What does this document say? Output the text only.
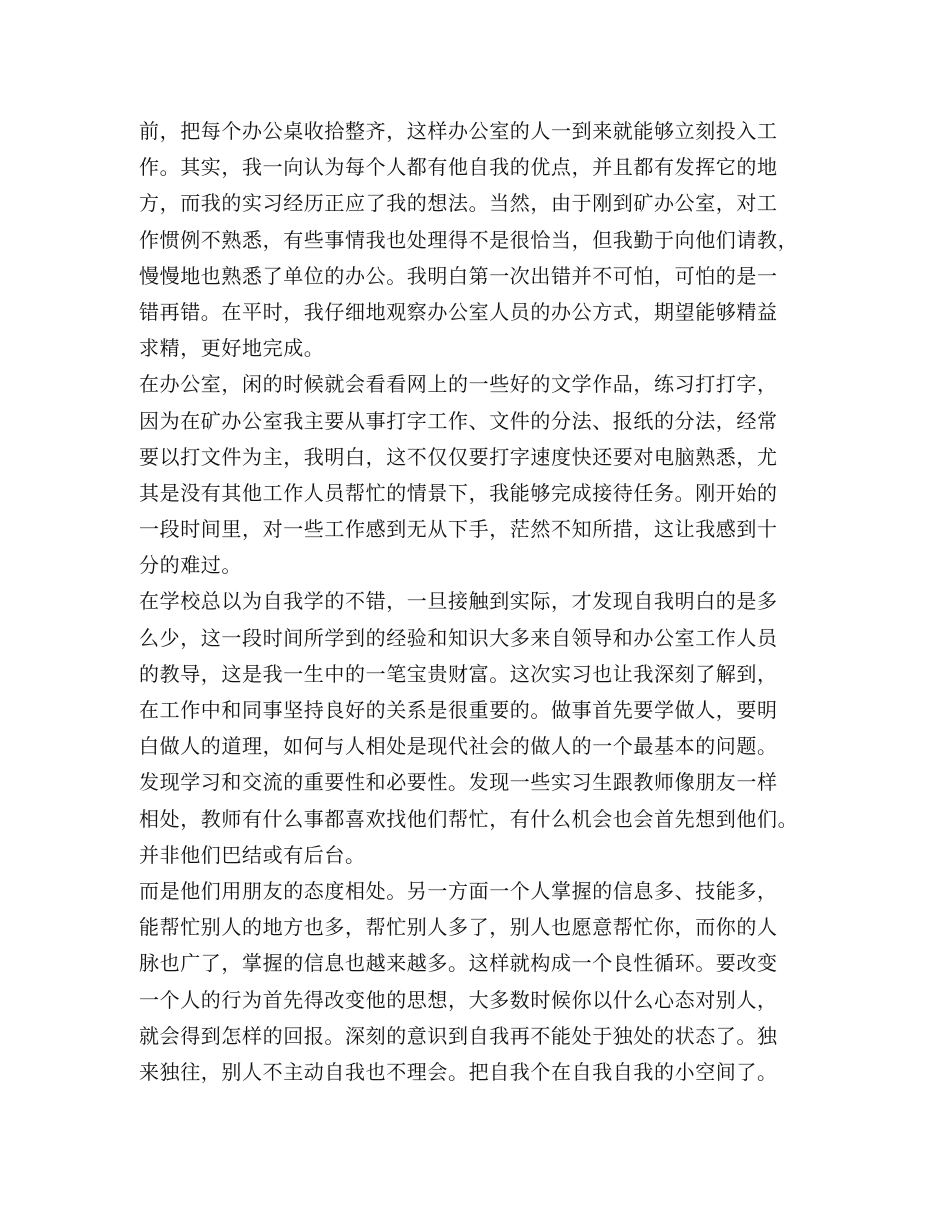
前，把每个办公桌收拾整齐，这样办公室的人一到来就能够立刻投入工
作。其实，我一向认为每个人都有他自我的优点，并且都有发挥它的地
方，而我的实习经历正应了我的想法。当然，由于刚到矿办公室，对工
作惯例不熟悉，有些事情我也处理得不是很恰当，但我勤于向他们请教，
慢慢地也熟悉了单位的办公。我明白第一次出错并不可怕，可怕的是一
错再错。在平时，我仔细地观察办公室人员的办公方式，期望能够精益
求精，更好地完成。
在办公室，闲的时候就会看看网上的一些好的文学作品，练习打打字，
因为在矿办公室我主要从事打字工作、文件的分法、报纸的分法，经常
要以打文件为主，我明白，这不仅仅要打字速度快还要对电脑熟悉，尤
其是没有其他工作人员帮忙的情景下，我能够完成接待任务。刚开始的
一段时间里，对一些工作感到无从下手，茫然不知所措，这让我感到十
分的难过。
在学校总以为自我学的不错，一旦接触到实际，才发现自我明白的是多
么少，这一段时间所学到的经验和知识大多来自领导和办公室工作人员
的教导，这是我一生中的一笔宝贵财富。这次实习也让我深刻了解到，
在工作中和同事坚持良好的关系是很重要的。做事首先要学做人，要明
白做人的道理，如何与人相处是现代社会的做人的一个最基本的问题。
发现学习和交流的重要性和必要性。发现一些实习生跟教师像朋友一样
相处，教师有什么事都喜欢找他们帮忙，有什么机会也会首先想到他们。
并非他们巴结或有后台。
而是他们用朋友的态度相处。另一方面一个人掌握的信息多、技能多，
能帮忙别人的地方也多，帮忙别人多了，别人也愿意帮忙你，而你的人
脉也广了，掌握的信息也越来越多。这样就构成一个良性循环。要改变
一个人的行为首先得改变他的思想，大多数时候你以什么心态对别人，
就会得到怎样的回报。深刻的意识到自我再不能处于独处的状态了。独
来独往，别人不主动自我也不理会。把自我个在自我自我的小空间了。
